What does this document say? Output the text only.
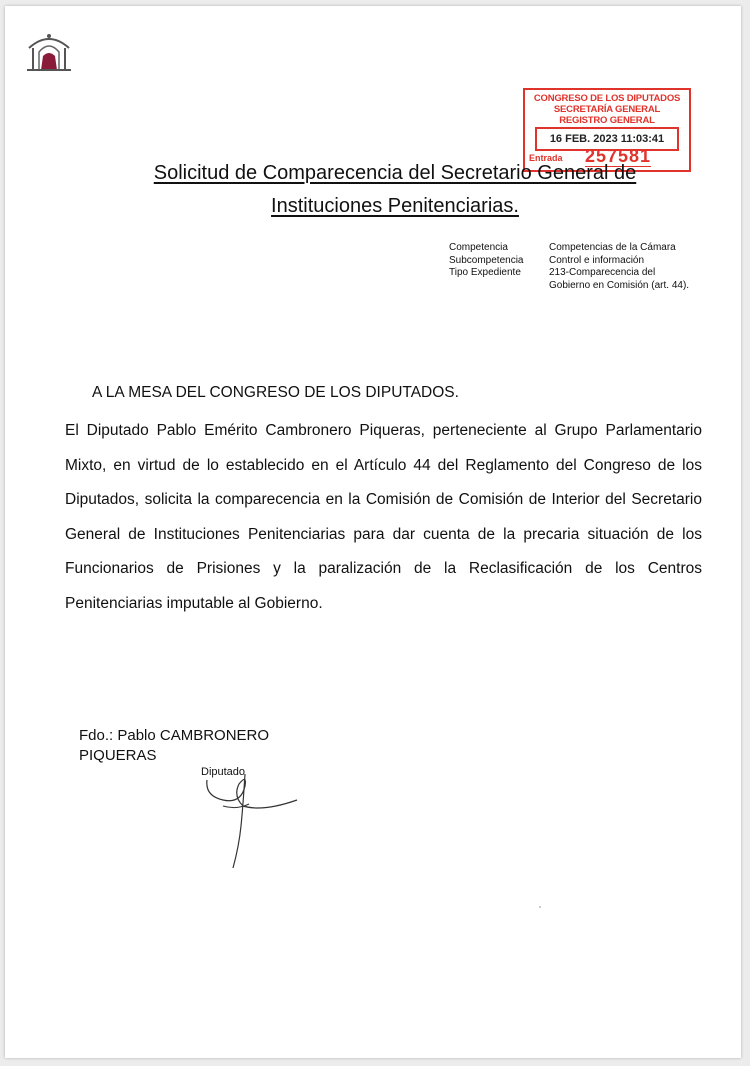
CONGRESO DE LOS DIPUTADOS
SECRETARÍA GENERAL
REGISTRO GENERAL
16 FEB. 2023 11:03:41
Entrada 257581
Solicitud de Comparecencia del Secretario General de
Instituciones Penitenciarias.
Competencia
Subcompetencia
Tipo Expediente
Competencias de la Cámara
Control e información
213-Comparecencia del Gobierno en Comisión (art. 44).
A LA MESA DEL CONGRESO DE LOS DIPUTADOS.
El Diputado Pablo Emérito Cambronero Piqueras, perteneciente al Grupo Parlamentario Mixto, en virtud de lo establecido en el Artículo 44 del Reglamento del Congreso de los Diputados, solicita la comparecencia en la Comisión de Comisión de Interior del Secretario General de Instituciones Penitenciarias para dar cuenta de la precaria situación de los Funcionarios de Prisiones y la paralización de la Reclasificación de los Centros Penitenciarias imputable al Gobierno.
Fdo.: Pablo CAMBRONERO PIQUERAS
Diputado
